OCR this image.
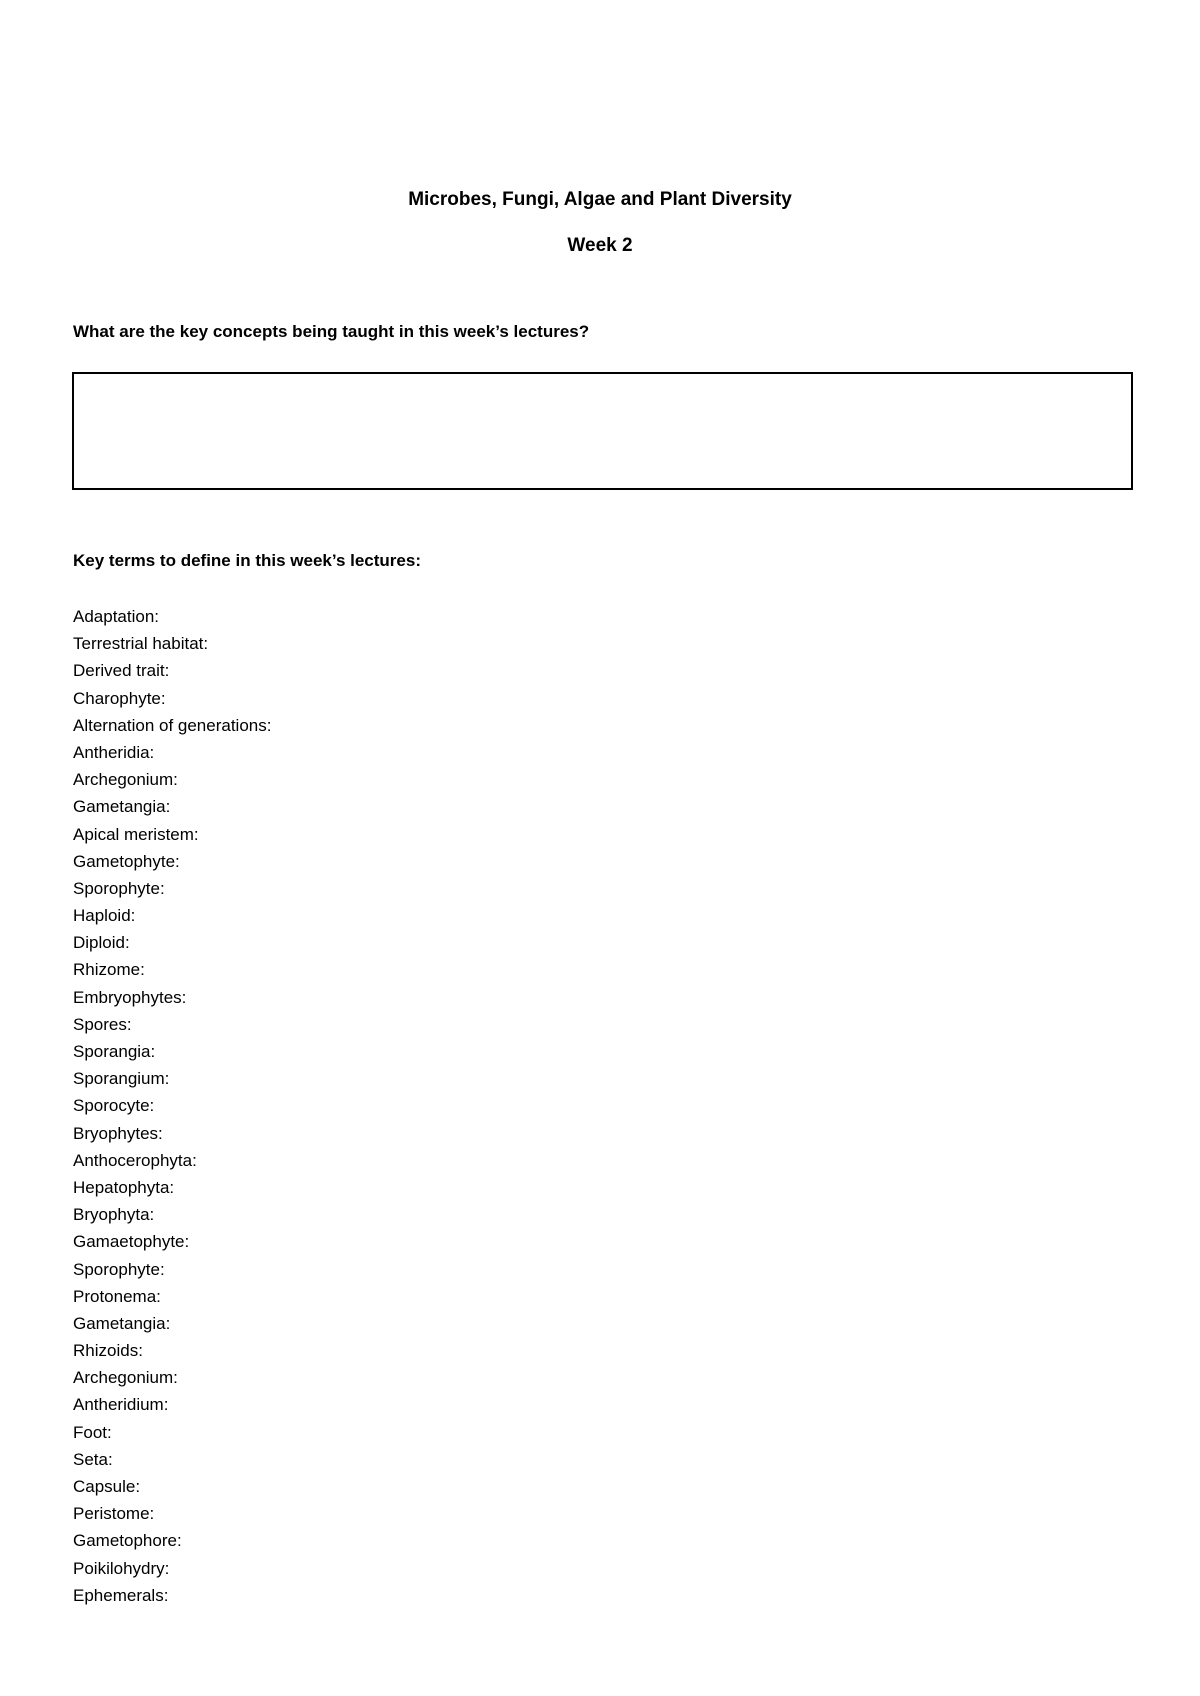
Microbes, Fungi, Algae and Plant Diversity
Week 2
What are the key concepts being taught in this week’s lectures?
Key terms to define in this week’s lectures:
Adaptation:
Terrestrial habitat:
Derived trait:
Charophyte:
Alternation of generations:
Antheridia:
Archegonium:
Gametangia:
Apical meristem:
Gametophyte:
Sporophyte:
Haploid:
Diploid:
Rhizome:
Embryophytes:
Spores:
Sporangia:
Sporangium:
Sporocyte:
Bryophytes:
Anthocerophyta:
Hepatophyta:
Bryophyta:
Gamaetophyte:
Sporophyte:
Protonema:
Gametangia:
Rhizoids:
Archegonium:
Antheridium:
Foot:
Seta:
Capsule:
Peristome:
Gametophore:
Poikilohydry:
Ephemerals:
